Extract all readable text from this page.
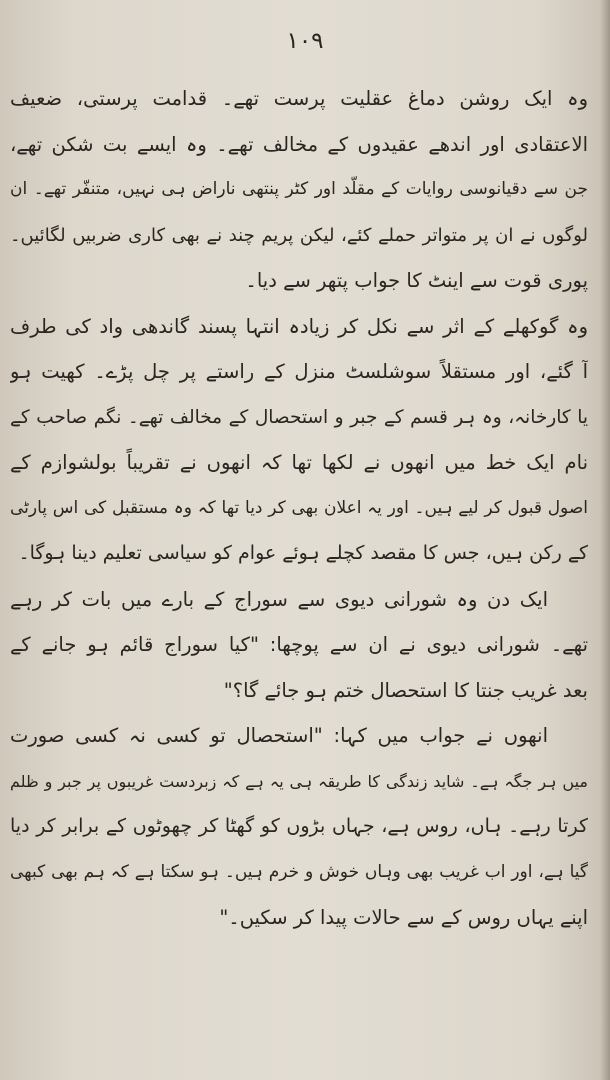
۱۰۹
وہ ایک روشن دماغ عقلیت پرست تھے۔ قدامت پرستی، ضعیف
الاعتقادی اور اندھے عقیدوں کے مخالف تھے۔ وہ ایسے بت شکن تھے،
جن سے دقیانوسی روایات کے مقلّد اور کٹر پنتھی ناراض ہی نہیں، متنفّر تھے۔ ان
لوگوں نے ان پر متواتر حملے کئے، لیکن پریم چند نے بھی کاری ضربیں لگائیں۔
پوری قوت سے اینٹ کا جواب پتھر سے دیا۔
وہ گوکھلے کے اثر سے نکل کر زیادہ انتہا پسند گاندھی واد کی طرف
آ گئے، اور مستقلاً سوشلسٹ منزل کے راستے پر چل پڑے۔ کھیت ہو
یا کارخانہ، وہ ہر قسم کے جبر و استحصال کے مخالف تھے۔ نگم صاحب کے
نام ایک خط میں انھوں نے لکھا تھا کہ انھوں نے تقریباً بولشوازم کے
اصول قبول کر لیے ہیں۔ اور یہ اعلان بھی کر دیا تھا کہ وہ مستقبل کی اس پارٹی
کے رکن ہیں، جس کا مقصد کچلے ہوئے عوام کو سیاسی تعلیم دینا ہوگا۔
ایک دن وہ شورانی دیوی سے سوراج کے بارے میں بات کر رہے
تھے۔ شورانی دیوی نے ان سے پوچھا: "کیا سوراج قائم ہو جانے کے
بعد غریب جنتا کا استحصال ختم ہو جائے گا؟"
انھوں نے جواب میں کہا: "استحصال تو کسی نہ کسی صورت
میں ہر جگہ ہے۔ شاید زندگی کا طریقہ ہی یہ ہے کہ زبردست غریبوں پر جبر و ظلم
کرتا رہے۔ ہاں، روس ہے، جہاں بڑوں کو گھٹا کر چھوٹوں کے برابر کر دیا
گیا ہے، اور اب غریب بھی وہاں خوش و خرم ہیں۔ ہو سکتا ہے کہ ہم بھی کبھی
اپنے یہاں روس کے سے حالات پیدا کر سکیں۔"
